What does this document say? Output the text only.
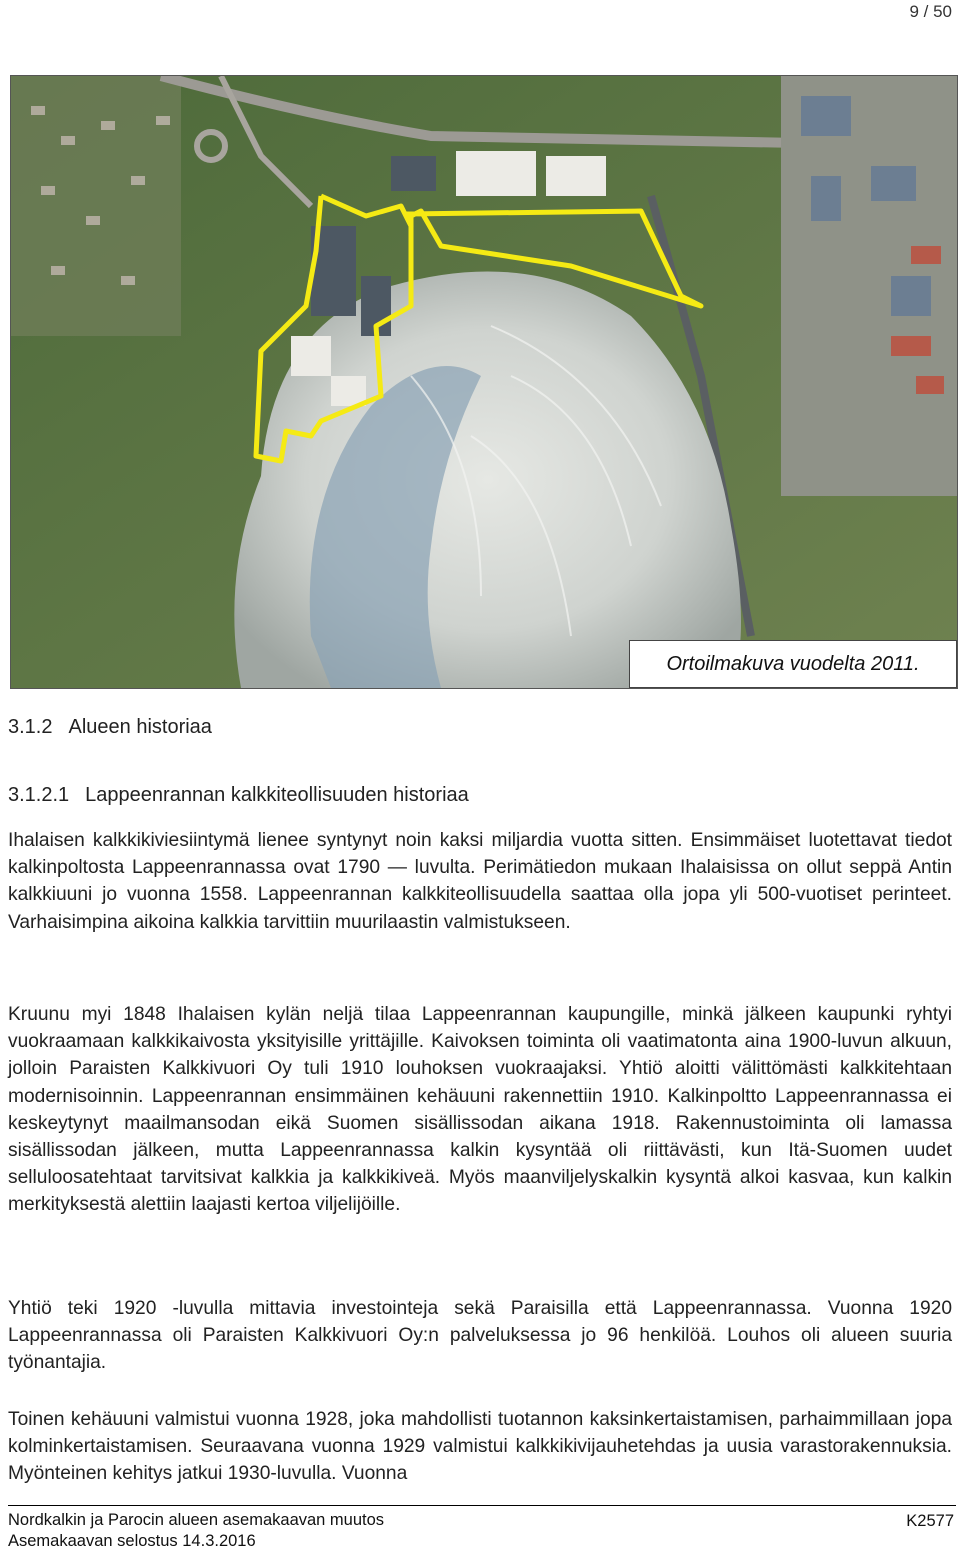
9 / 50
Ortoilmakuva vuodelta 2011.
3.1.2 Alueen historiaa
3.1.2.1 Lappeenrannan kalkkiteollisuuden historiaa

Ihalaisen kalkkikiviesiintymä lienee syntynyt noin kaksi miljardia vuotta sitten. Ensimmäiset luotettavat tiedot kalkinpoltosta Lappeenrannassa ovat 1790 — luvulta. Perimätiedon mukaan Ihalaisissa on ollut seppä Antin kalkkiuuni jo vuonna 1558. Lappeenrannan kalkkiteollisuudella saattaa olla jopa yli 500-vuotiset perinteet. Varhaisimpina aikoina kalkkia tarvittiin muurilaastin valmistukseen.

Kruunu myi 1848 Ihalaisen kylän neljä tilaa Lappeenrannan kaupungille, minkä jälkeen kaupunki ryhtyi vuokraamaan kalkkikaivosta yksityisille yrittäjille. Kaivoksen toiminta oli vaatimatonta aina 1900-luvun alkuun, jolloin Paraisten Kalkkivuori Oy tuli 1910 louhoksen vuokraajaksi. Yhtiö aloitti välittömästi kalkkitehtaan modernisoinnin. Lappeenrannan ensimmäinen kehäuuni rakennettiin 1910. Kalkinpoltto Lappeenrannassa ei keskeytynyt maailmansodan eikä Suomen sisällissodan aikana 1918. Rakennustoiminta oli lamassa sisällissodan jälkeen, mutta Lappeenrannassa kalkin kysyntää oli riittävästi, kun Itä-Suomen uudet selluloosatehtaat tarvitsivat kalkkia ja kalkkikiveä. Myös maanviljelyskalkin kysyntä alkoi kasvaa, kun kalkin merkityksestä alettiin laajasti kertoa viljelijöille.

Yhtiö teki 1920 -luvulla mittavia investointeja sekä Paraisilla että Lappeenrannassa. Vuonna 1920 Lappeenrannassa oli Paraisten Kalkkivuori Oy:n palveluksessa jo 96 henkilöä. Louhos oli alueen suuria työnantajia.

Toinen kehäuuni valmistui vuonna 1928, joka mahdollisti tuotannon kaksinkertaistamisen, parhaimmillaan jopa kolminkertaistamisen. Seuraavana vuonna 1929 valmistui kalkkikivijauhetehdas ja uusia varastorakennuksia. Myönteinen kehitys jatkui 1930-luvulla. Vuonna

Nordkalkin ja Parocin alueen asemakaavan muutos
Asemakaavan selostus 14.3.2016
K2577
